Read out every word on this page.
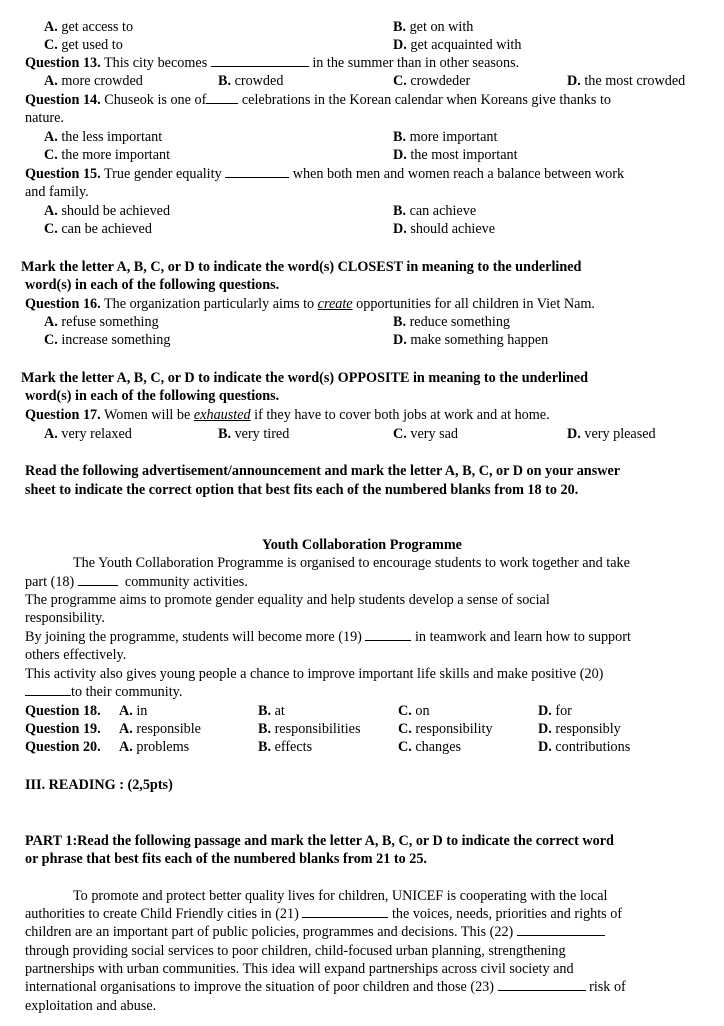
A. get access to	B. get on with
C. get used to	D. get acquainted with
Question 13. This city becomes	in the summer than in other seasons.
A. more crowded	B. crowded	C. crowdeder	D. the most crowded
Question 14. Chuseok is one of	celebrations in the Korean calendar when Koreans give thanks to
nature.
A. the less important	B. more important
C. the more important	D. the most important
Question 15. True gender equality	when both men and women reach a balance between work
and family.
A. should be achieved	B. can achieve
C. can be achieved	D. should achieve
Mark the letter A, B, C, or D to indicate the word(s) CLOSEST in meaning to the underlined
word(s) in each of the following questions.
Question 16. The organization particularly aims to create opportunities for all children in Viet Nam.
A. refuse something	B. reduce something
C. increase something	D. make something happen
Mark the letter A, B, C, or D to indicate the word(s) OPPOSITE in meaning to the underlined
word(s) in each of the following questions.
Question 17. Women will be exhausted if they have to cover both jobs at work and at home.
A. very relaxed	B. very tired	C. very sad	D. very pleased
Read the following advertisement/announcement and mark the letter A, B, C, or D on your answer
sheet to indicate the correct option that best fits each of the numbered blanks from 18 to 20.
Youth Collaboration Programme
The Youth Collaboration Programme is organised to encourage students to work together and take
part (18)	community activities.
The programme aims to promote gender equality and help students develop a sense of social
responsibility.
By joining the programme, students will become more (19)	in teamwork and learn how to support
others effectively.
This activity also gives young people a chance to improve important life skills and make positive (20)
to their community.
Question 18. A. in	B. at	C. on	D. for
Question 19. A. responsible	B. responsibilities	C. responsibility	D. responsibly
Question 20. A. problems	B. effects	C. changes	D. contributions
III. READING : (2,5pts)
PART 1:Read the following passage and mark the letter A, B, C, or D to indicate the correct word
or phrase that best fits each of the numbered blanks from 21 to 25.
To promote and protect better quality lives for children, UNICEF is cooperating with the local
authorities to create Child Friendly cities in (21)	the voices, needs, priorities and rights of
children are an important part of public policies, programmes and decisions. This (22)
through providing social services to poor children, child-focused urban planning, strengthening
partnerships with urban communities. This idea will expand partnerships across civil society and
international organisations to improve the situation of poor children and those (23)	risk of
exploitation and abuse.
